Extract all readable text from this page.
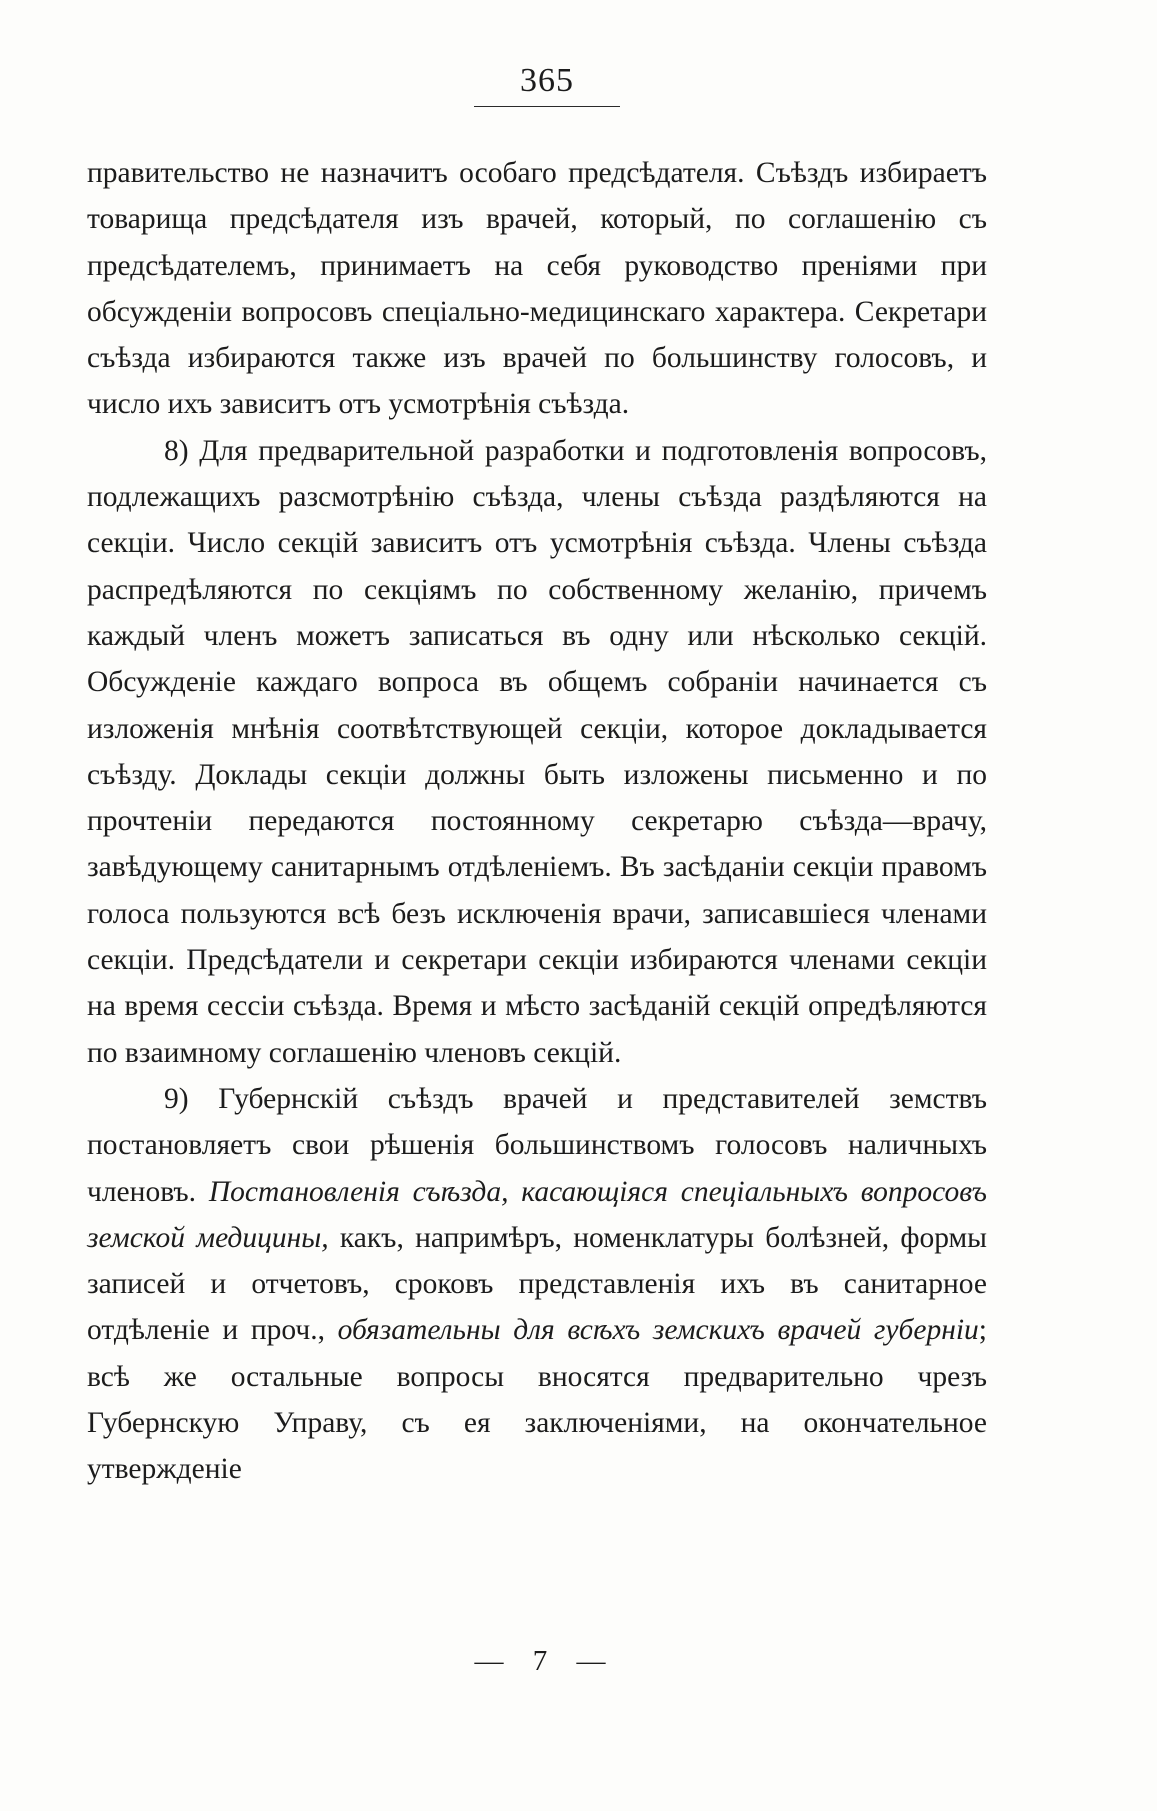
365

правительство не назначитъ особаго предсѣдателя. Съѣздъ избираетъ товарища предсѣдателя изъ врачей, который, по соглашенію съ предсѣдателемъ, принимаетъ на себя руководство преніями при обсужденіи вопросовъ спеціально-медицинскаго характера. Секретари съѣзда избираются также изъ врачей по большинству голосовъ, и число ихъ зависитъ отъ усмотрѣнія съѣзда.

8) Для предварительной разработки и подготовленія вопросовъ, подлежащихъ разсмотрѣнію съѣзда, члены съѣзда раздѣляются на секціи. Число секцій зависитъ отъ усмотрѣнія съѣзда. Члены съѣзда распредѣляются по секціямъ по собственному желанію, причемъ каждый членъ можетъ записаться въ одну или нѣсколько секцій. Обсужденіе каждаго вопроса въ общемъ собраніи начинается съ изложенія мнѣнія соотвѣтствующей секціи, которое докладывается съѣзду. Доклады секціи должны быть изложены письменно и по прочтеніи передаются постоянному секретарю съѣзда—врачу, завѣдующему санитарнымъ отдѣленіемъ. Въ засѣданіи секціи правомъ голоса пользуются всѣ безъ исключенія врачи, записавшіеся членами секціи. Предсѣдатели и секретари секціи избираются членами секціи на время сессіи съѣзда. Время и мѣсто засѣданій секцій опредѣляются по взаимному соглашенію членовъ секцій.

9) Губернскій съѣздъ врачей и представителей земствъ постановляетъ свои рѣшенія большинствомъ голосовъ наличныхъ членовъ. Постановленія съѣзда, касающіяся спеціальныхъ вопросовъ земской медицины, какъ, напримѣръ, номенклатуры болѣзней, формы записей и отчетовъ, сроковъ представленія ихъ въ санитарное отдѣленіе и проч., обязательны для всѣхъ земскихъ врачей губерніи; всѣ же остальные вопросы вносятся предварительно чрезъ Губернскую Управу, съ ея заключеніями, на окончательное утвержденіе

— 7 —
